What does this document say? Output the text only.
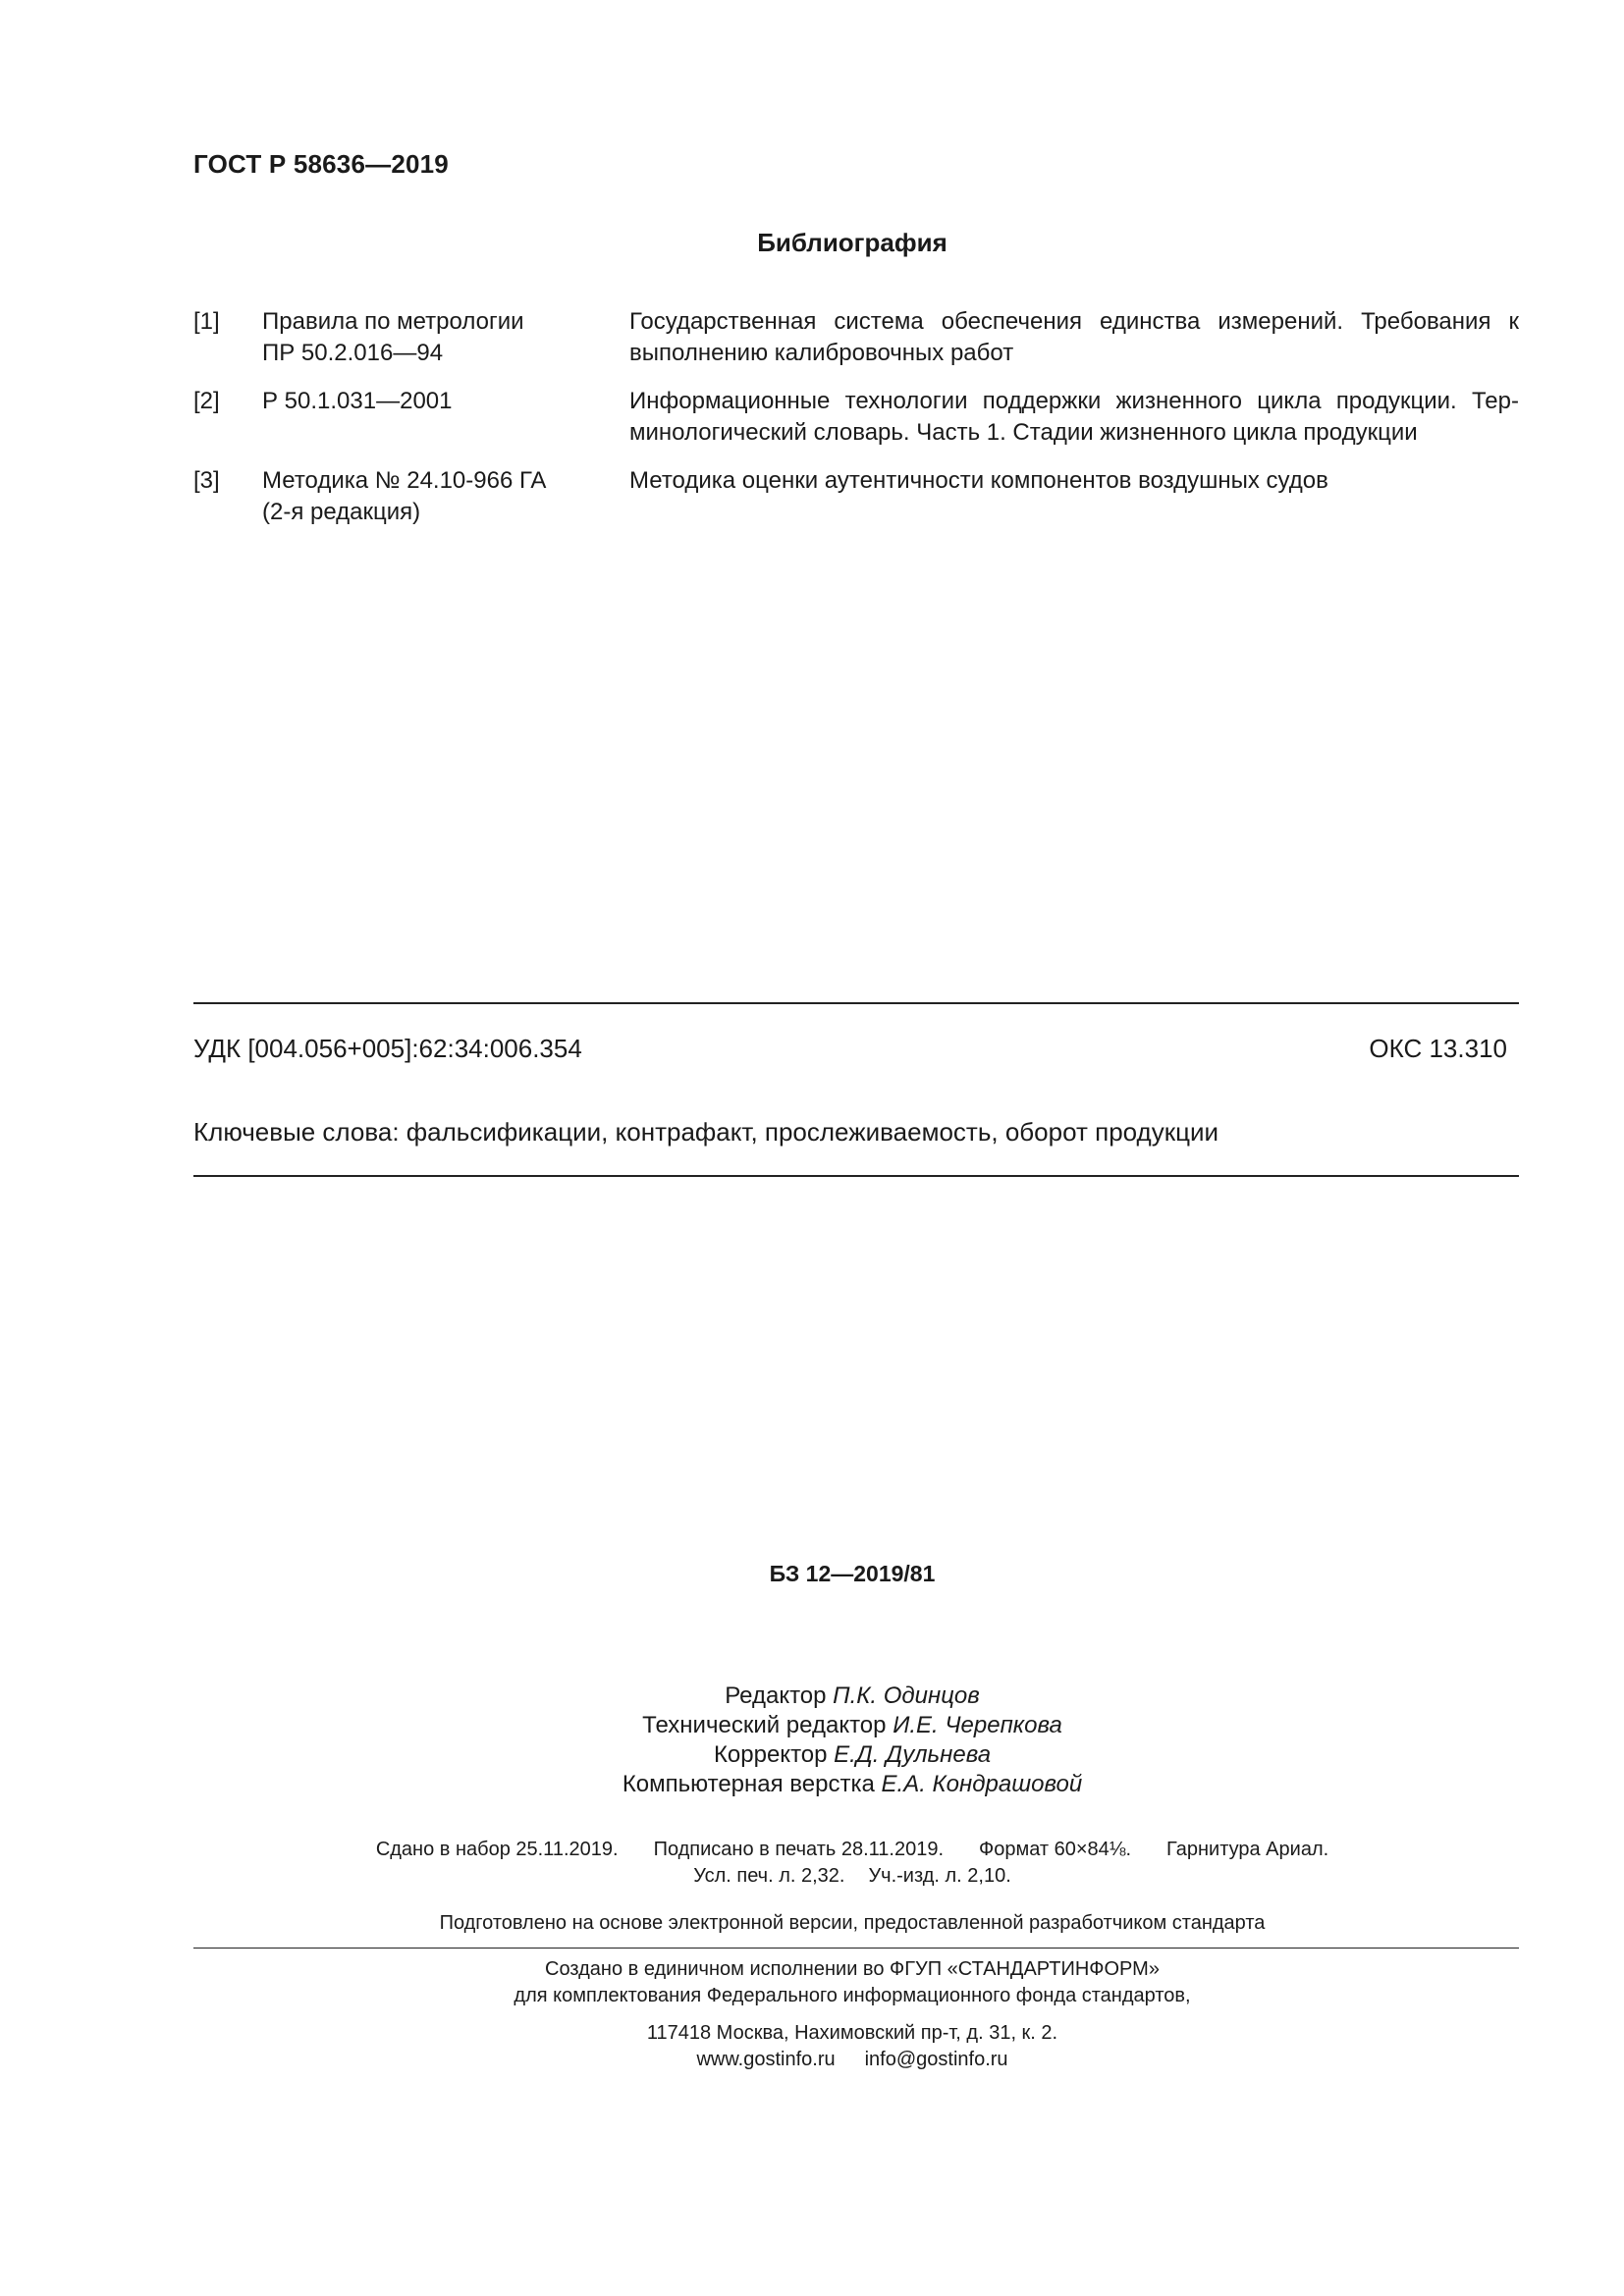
ГОСТ Р 58636—2019
Библиография
[1] Правила по метрологии
ПР 50.2.016—94
Государственная система обеспечения единства измерений. Требования к выполнению калибровочных работ
[2] Р 50.1.031—2001	Информационные технологии поддержки жизненного цикла продукции. Терминологический словарь. Часть 1. Стадии жизненного цикла продукции
[3] Методика № 24.10-966 ГА
(2-я редакция)
Методика оценки аутентичности компонентов воздушных судов
УДК [004.056+005]:62:34:006.354	ОКС 13.310
Ключевые слова: фальсификации, контрафакт, прослеживаемость, оборот продукции
БЗ 12—2019/81
Редактор П.К. Одинцов
Технический редактор И.Е. Черепкова
Корректор Е.Д. Дульнева
Компьютерная верстка Е.А. Кондрашовой
Сдано в набор 25.11.2019. Подписано в печать 28.11.2019. Формат 60×84⅛. Гарнитура Ариал.
Усл. печ. л. 2,32. Уч.-изд. л. 2,10.
Подготовлено на основе электронной версии, предоставленной разработчиком стандарта
Создано в единичном исполнении во ФГУП «СТАНДАРТИНФОРМ»
для комплектования Федерального информационного фонда стандартов,
117418 Москва, Нахимовский пр-т, д. 31, к. 2.
www.gostinfo.ru info@gostinfo.ru
